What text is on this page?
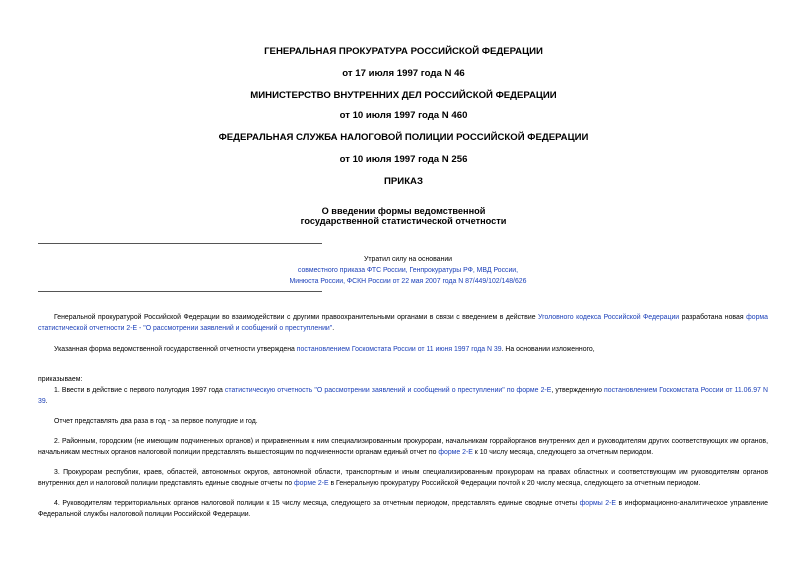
ГЕНЕРАЛЬНАЯ ПРОКУРАТУРА РОССИЙСКОЙ ФЕДЕРАЦИИ
от 17 июля 1997 года N 46
МИНИСТЕРСТВО ВНУТРЕННИХ ДЕЛ РОССИЙСКОЙ ФЕДЕРАЦИИ
от 10 июля 1997 года N 460
ФЕДЕРАЛЬНАЯ СЛУЖБА НАЛОГОВОЙ ПОЛИЦИИ РОССИЙСКОЙ ФЕДЕРАЦИИ
от 10 июля 1997 года N 256
ПРИКАЗ
О введении формы ведомственной
государственной статистической отчетности
Утратил силу на основании
совместного приказа ФТС России, Генпрокуратуры РФ, МВД России,
Минюста России, ФСКН России от 22 мая 2007 года N 87/449/102/148/626
Генеральной прокуратурой Российской Федерации во взаимодействии с другими правоохранительными органами в связи с введением в действие Уголовного кодекса Российской Федерации разработана новая форма статистической отчетности 2-Е - "О рассмотрении заявлений и сообщений о преступлении".
Указанная форма ведомственной государственной отчетности утверждена постановлением Госкомстата России от 11 июня 1997 года N 39. На основании изложенного,
приказываем:
1. Ввести в действие с первого полугодия 1997 года статистическую отчетность "О рассмотрении заявлений и сообщений о преступлении" по форме 2-Е, утвержденную постановлением Госкомстата России от 11.06.97 N 39.
Отчет представлять два раза в год - за первое полугодие и год.
2. Районным, городским (не имеющим подчиненных органов) и приравненным к ним специализированным прокурорам, начальникам горрайорганов внутренних дел и руководителям других соответствующих им органов, начальникам местных органов налоговой полиции представлять вышестоящим по подчиненности органам единый отчет по форме 2-Е к 10 числу месяца, следующего за отчетным периодом.
3. Прокурорам республик, краев, областей, автономных округов, автономной области, транспортным и иным специализированным прокурорам на правах областных и соответствующим им руководителям органов внутренних дел и налоговой полиции представлять единые сводные отчеты по форме 2-Е в Генеральную прокуратуру Российской Федерации почтой к 20 числу месяца, следующего за отчетным периодом.
4. Руководителям территориальных органов налоговой полиции к 15 числу месяца, следующего за отчетным периодом, представлять единые сводные отчеты формы 2-Е в информационно-аналитическое управление Федеральной службы налоговой полиции Российской Федерации.
